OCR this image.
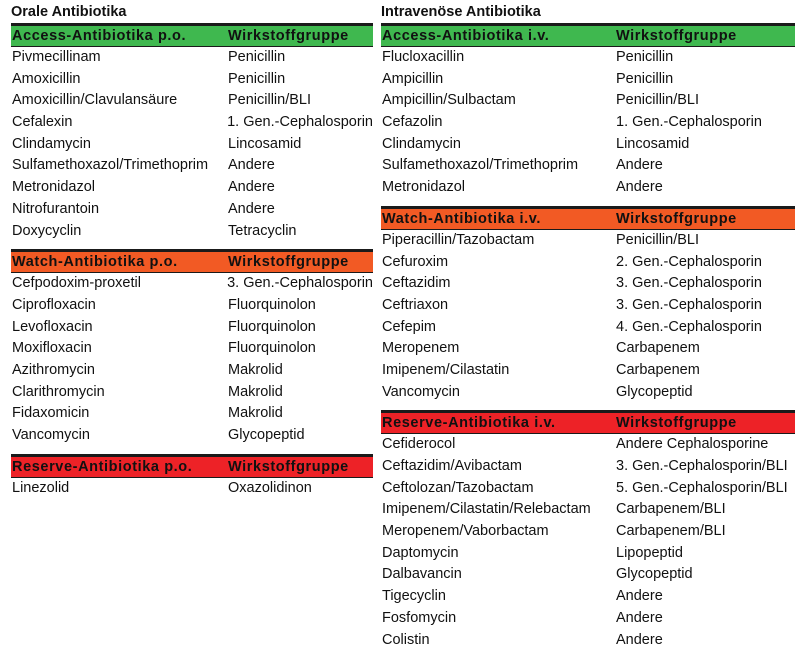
Orale Antibiotika
Access-Antibiotika p.o.	Wirkstoffgruppe
Pivmecillinam	Penicillin
Amoxicillin	Penicillin
Amoxicillin/Clavulansäure	Penicillin/BLI
Cefalexin	1. Gen.-Cephalosporin
Clindamycin	Lincosamid
Sulfamethoxazol/Trimethoprim	Andere
Metronidazol	Andere
Nitrofurantoin	Andere
Doxycyclin	Tetracyclin
Watch-Antibiotika p.o.	Wirkstoffgruppe
Cefpodoxim-proxetil	3. Gen.-Cephalosporin
Ciprofloxacin	Fluorquinolon
Levofloxacin	Fluorquinolon
Moxifloxacin	Fluorquinolon
Azithromycin	Makrolid
Clarithromycin	Makrolid
Fidaxomicin	Makrolid
Vancomycin	Glycopeptid
Reserve-Antibiotika p.o.	Wirkstoffgruppe
Linezolid	Oxazolidinon
Intravenöse Antibiotika
Access-Antibiotika i.v.	Wirkstoffgruppe
Flucloxacillin	Penicillin
Ampicillin	Penicillin
Ampicillin/Sulbactam	Penicillin/BLI
Cefazolin	1. Gen.-Cephalosporin
Clindamycin	Lincosamid
Sulfamethoxazol/Trimethoprim	Andere
Metronidazol	Andere
Watch-Antibiotika i.v.	Wirkstoffgruppe
Piperacillin/Tazobactam	Penicillin/BLI
Cefuroxim	2. Gen.-Cephalosporin
Ceftazidim	3. Gen.-Cephalosporin
Ceftriaxon	3. Gen.-Cephalosporin
Cefepim	4. Gen.-Cephalosporin
Meropenem	Carbapenem
Imipenem/Cilastatin	Carbapenem
Vancomycin	Glycopeptid
Reserve-Antibiotika i.v.	Wirkstoffgruppe
Cefiderocol	Andere Cephalosporine
Ceftazidim/Avibactam	3. Gen.-Cephalosporin/BLI
Ceftolozan/Tazobactam	5. Gen.-Cephalosporin/BLI
Imipenem/Cilastatin/Relebactam	Carbapenem/BLI
Meropenem/Vaborbactam	Carbapenem/BLI
Daptomycin	Lipopeptid
Dalbavancin	Glycopeptid
Tigecyclin	Andere
Fosfomycin	Andere
Colistin	Andere
